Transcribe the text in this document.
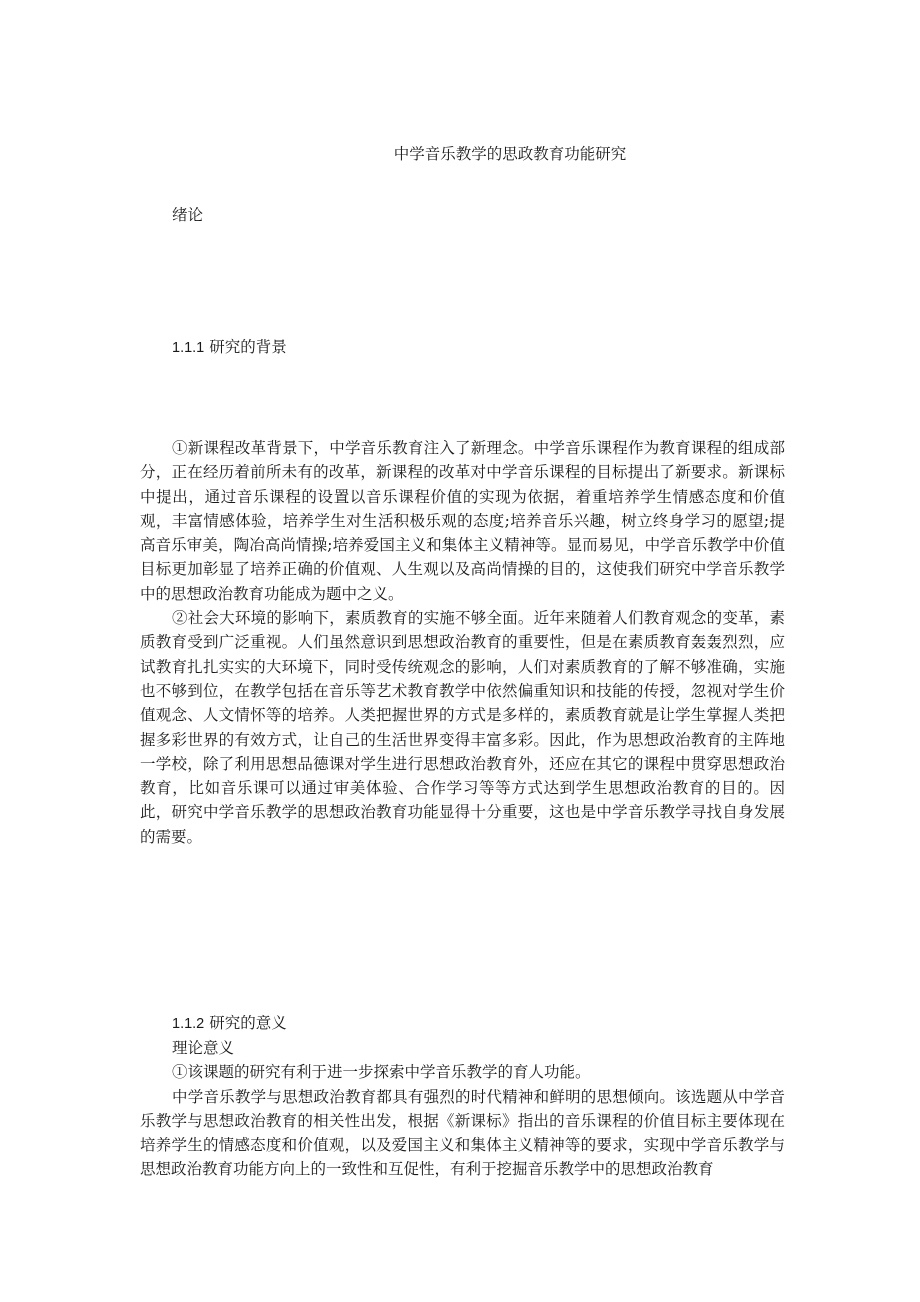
中学音乐教学的思政教育功能研究
绪论
1.1.1 研究的背景

①新课程改革背景下，中学音乐教育注入了新理念。中学音乐课程作为教育课程的组成部分，正在经历着前所未有的改革，新课程的改革对中学音乐课程的目标提出了新要求。新课标中提出，通过音乐课程的设置以音乐课程价值的实现为依据，着重培养学生情感态度和价值观，丰富情感体验，培养学生对生活积极乐观的态度;培养音乐兴趣，树立终身学习的愿望;提高音乐审美，陶冶高尚情操;培养爱国主义和集体主义精神等。显而易见，中学音乐教学中价值目标更加彰显了培养正确的价值观、人生观以及高尚情操的目的，这使我们研究中学音乐教学中的思想政治教育功能成为题中之义。

②社会大环境的影响下，素质教育的实施不够全面。近年来随着人们教育观念的变革，素质教育受到广泛重视。人们虽然意识到思想政治教育的重要性，但是在素质教育轰轰烈烈，应试教育扎扎实实的大环境下，同时受传统观念的影响，人们对素质教育的了解不够准确，实施也不够到位，在教学包括在音乐等艺术教育教学中依然偏重知识和技能的传授，忽视对学生价值观念、人文情怀等的培养。人类把握世界的方式是多样的，素质教育就是让学生掌握人类把握多彩世界的有效方式，让自己的生活世界变得丰富多彩。因此，作为思想政治教育的主阵地一学校，除了利用思想品德课对学生进行思想政治教育外，还应在其它的课程中贯穿思想政治教育，比如音乐课可以通过审美体验、合作学习等等方式达到学生思想政治教育的目的。因此，研究中学音乐教学的思想政治教育功能显得十分重要，这也是中学音乐教学寻找自身发展的需要。

1.1.2 研究的意义

理论意义

①该课题的研究有利于进一步探索中学音乐教学的育人功能。

中学音乐教学与思想政治教育都具有强烈的时代精神和鲜明的思想倾向。该选题从中学音乐教学与思想政治教育的相关性出发，根据《新课标》指出的音乐课程的价值目标主要体现在培养学生的情感态度和价值观，以及爱国主义和集体主义精神等的要求，实现中学音乐教学与思想政治教育功能方向上的一致性和互促性，有利于挖掘音乐教学中的思想政治教育
